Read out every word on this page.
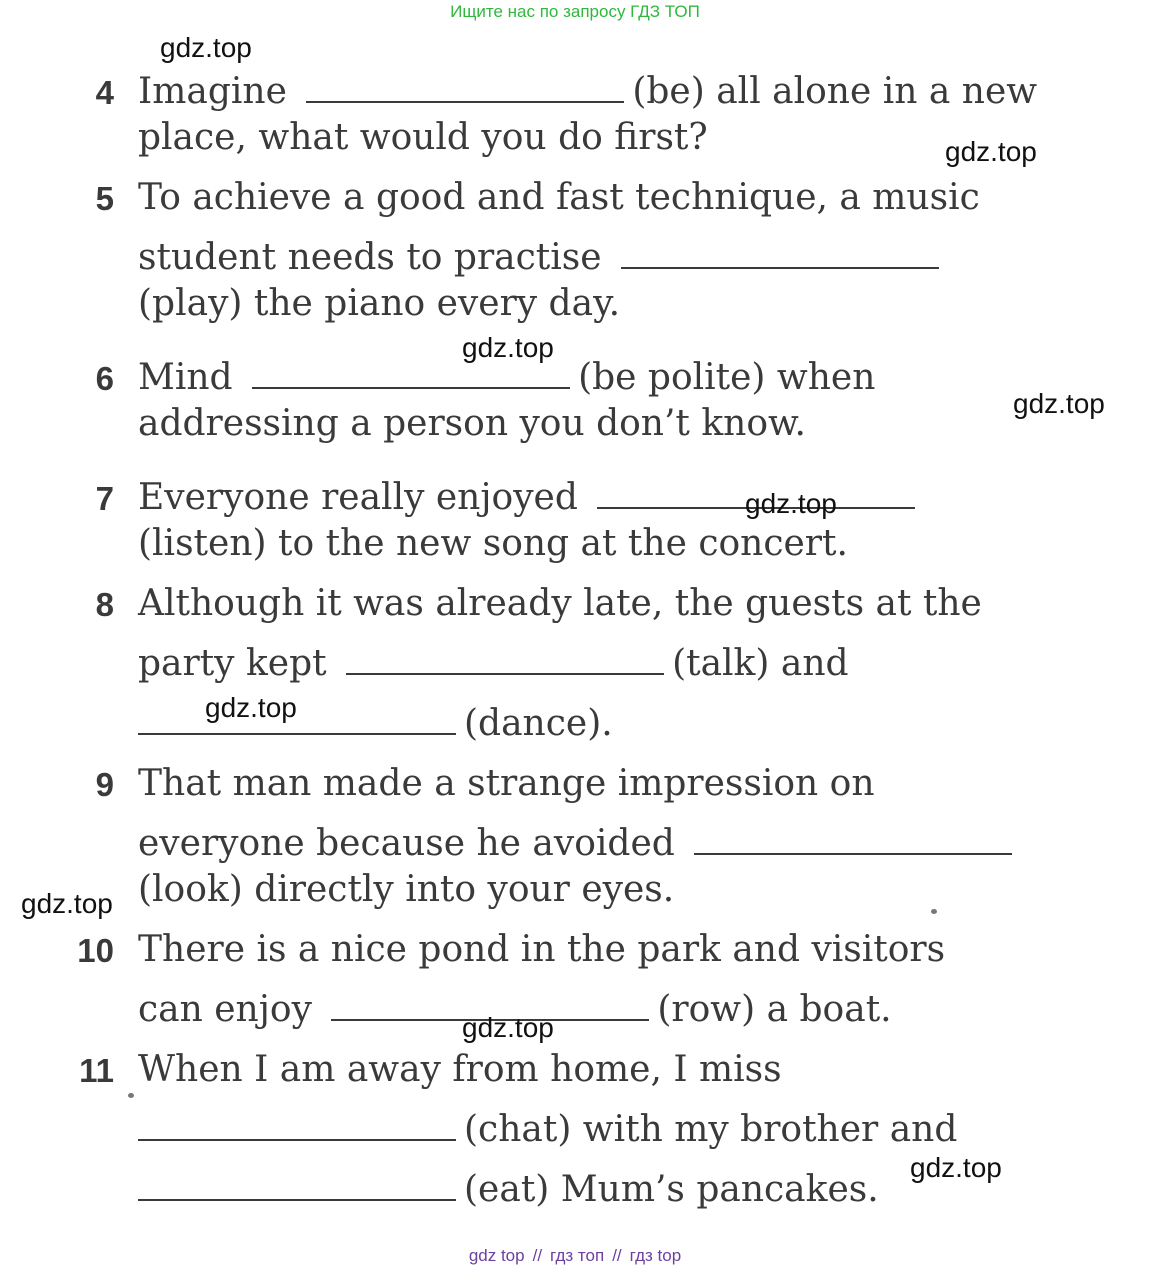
Ищите нас по запросу ГДЗ ТОП
4 Imagine	(be) all alone in a new
place, what would you do first?
5 To achieve a good and fast technique, a music
student needs to practise
(play) the piano every day.
6 Mind	(be polite) when
addressing a person you don’t know.
7 Everyone really enjoyed
(listen) to the new song at the concert.
8 Although it was already late, the guests at the
party kept	(talk) and
(dance).
9 That man made a strange impression on
everyone because he avoided
(look) directly into your eyes.
10 There is a nice pond in the park and visitors
can enjoy	(row) a boat.
11 When I am away from home, I miss
(chat) with my brother and
(eat) Mum’s pancakes.
gdz.top
gdz.top
gdz.top
gdz.top
gdz.top
gdz.top
gdz.top
gdz.top
gdz.top
gdz top // гдз топ // гдз top
